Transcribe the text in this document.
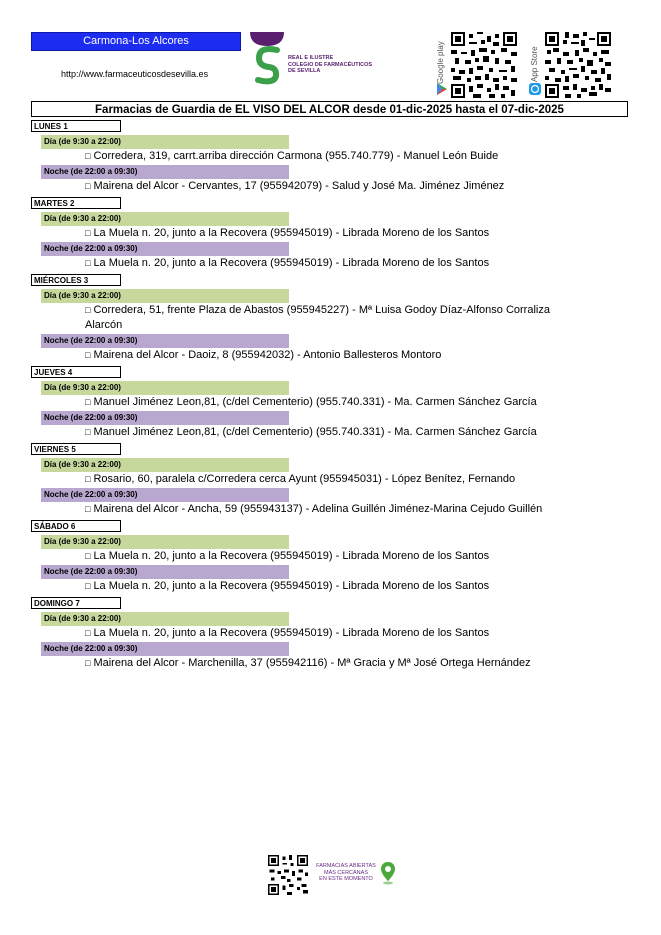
Carmona-Los Alcores
http://www.farmaceuticosdesevilla.es
REAL E ILUSTRE
COLEGIO DE FARMACÉUTICOS
DE SEVILLA	Google play	App Store
Farmacias de Guardia de EL VISO DEL ALCOR desde 01-dic-2025 hasta el 07-dic-2025
LUNES 1
Día (de 9:30 a 22:00)
□ Corredera, 319, carrt.arriba dirección Carmona (955.740.779) - Manuel León Buide
Noche (de 22:00 a 09:30)
□ Mairena del Alcor - Cervantes, 17 (955942079) - Salud y José Ma. Jiménez Jiménez
MARTES 2
Día (de 9:30 a 22:00)
□ La Muela n. 20, junto a la Recovera (955945019) - Librada Moreno de los Santos
Noche (de 22:00 a 09:30)
□ La Muela n. 20, junto a la Recovera (955945019) - Librada Moreno de los Santos
MIÉRCOLES 3
Día (de 9:30 a 22:00)
□ Corredera, 51, frente Plaza de Abastos (955945227) - Mª Luisa Godoy Díaz-Alfonso Corraliza Alarcón
Noche (de 22:00 a 09:30)
□ Mairena del Alcor - Daoiz, 8 (955942032) - Antonio Ballesteros Montoro
JUEVES 4
Día (de 9:30 a 22:00)
□ Manuel Jiménez Leon,81, (c/del Cementerio) (955.740.331) - Ma. Carmen Sánchez García
Noche (de 22:00 a 09:30)
□ Manuel Jiménez Leon,81, (c/del Cementerio) (955.740.331) - Ma. Carmen Sánchez García
VIERNES 5
Día (de 9:30 a 22:00)
□ Rosario, 60, paralela c/Corredera cerca Ayunt (955945031) - López Benítez, Fernando
Noche (de 22:00 a 09:30)
□ Mairena del Alcor - Ancha, 59 (955943137) - Adelina Guillén Jiménez-Marina Cejudo Guillén
SÁBADO 6
Día (de 9:30 a 22:00)
□ La Muela n. 20, junto a la Recovera (955945019) - Librada Moreno de los Santos
Noche (de 22:00 a 09:30)
□ La Muela n. 20, junto a la Recovera (955945019) - Librada Moreno de los Santos
DOMINGO 7
Día (de 9:30 a 22:00)
□ La Muela n. 20, junto a la Recovera (955945019) - Librada Moreno de los Santos
Noche (de 22:00 a 09:30)
□ Mairena del Alcor - Marchenilla, 37 (955942116) - Mª Gracia y Mª José Ortega Hernández
FARMACIAS ABIERTAS
MÁS CERCANAS
EN ESTE MOMENTO
